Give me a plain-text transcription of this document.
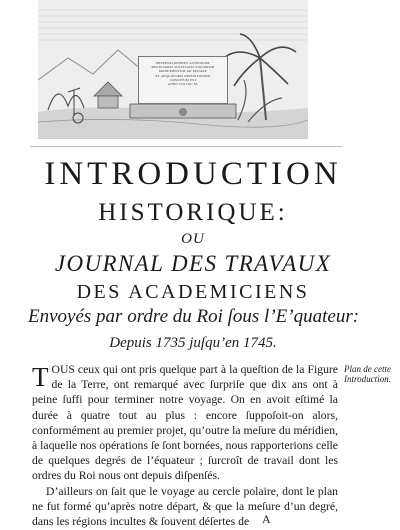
OBSERVATIONIBUS ASTRONOM.
REGIS PARIS SOCIETATIS SOCIORUM
MONUMENTUM AD PALMAE
ET AEQUATORIS DEFINITIONEM
CONDITUM EST
ANNO CIO IOC XL
INTRODUCTION
HISTORIQUE:
OU
JOURNAL DES TRAVAUX
DES ACADEMICIENS
Envoyés par ordre du Roi ſous l’E’quateur:
Depuis 1735 juſqu’en 1745.

TOUS ceux qui ont pris quelque part à la queſtion de la Figure de la Terre, ont remarqué avec ſurpriſe que dix ans ont à peine ſuffi pour terminer notre voyage. On en avoit eſtimé la durée à quatre tout au plus : encore ſuppoſoit-on alors, conformément au premier projet, qu’outre la meſure du méridien, à laquelle nos opérations ſe ſont bornées, nous rapporterions celle de quelques degrés de l’équateur ; ſurcroît de travail dont les ordres du Roi nous ont depuis diſpenſés.

D’ailleurs on ſait que le voyage au cercle polaire, dont le plan ne fut formé qu’après notre départ, & que la meſure d’un degré, dans les régions incultes & ſouvent déſertes de

Plan de cette Introduction.
A
